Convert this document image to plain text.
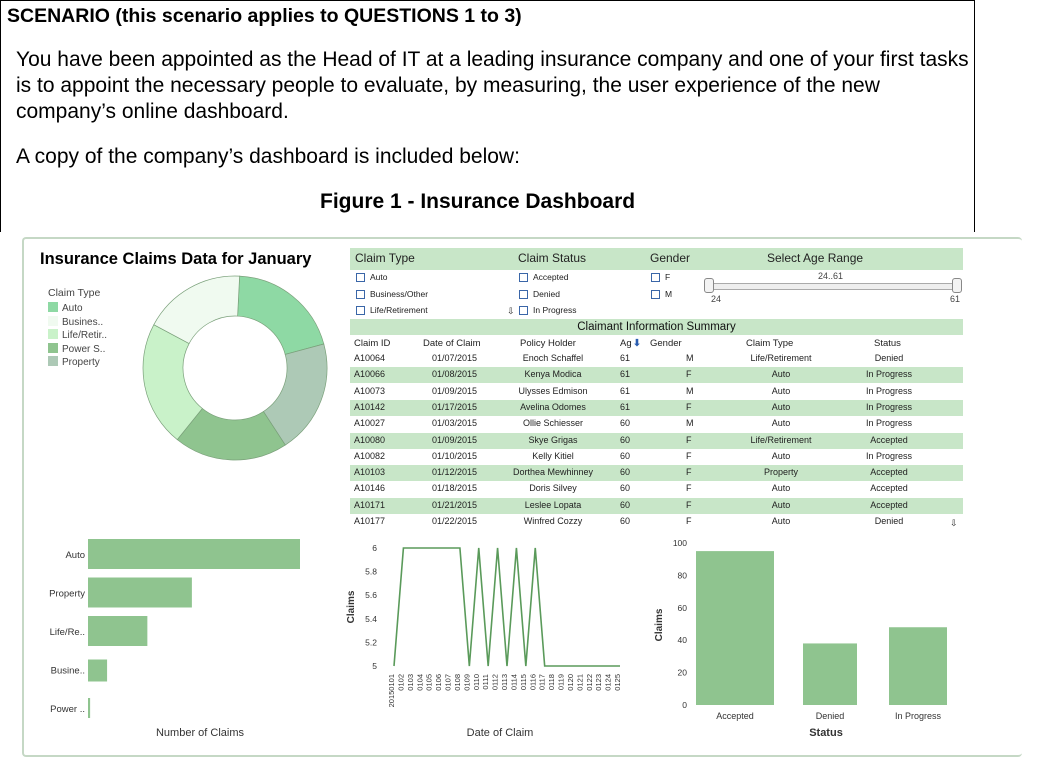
SCENARIO (this scenario applies to QUESTIONS 1 to 3)
You have been appointed as the Head of IT at a leading insurance company and one of your first tasks is to appoint the necessary people to evaluate, by measuring, the user experience of the new company’s online dashboard.
A copy of the company’s dashboard is included below:
Figure 1 - Insurance Dashboard
Insurance Claims Data for January
Claim Type
Auto
Busines..
Life/Retir..
Power S..
Property
Claim Type	Claim Status	Gender	Select Age Range
Auto
Business/Other
Life/Retirement	⇩
Accepted
Denied
In Progress
F
M
24..61
24	61
Claimant Information Summary
Claim ID	Date of Claim	Policy Holder	Ag ⬇ Gender	Claim Type	Status
A10064	01/07/2015	Enoch Schaffel	61	M	Life/Retirement	Denied
A10066	01/08/2015	Kenya Modica	61	F	Auto	In Progress
A10073	01/09/2015	Ulysses Edmison	61	M	Auto	In Progress
A10142	01/17/2015	Avelina Odomes	61	F	Auto	In Progress
A10027	01/03/2015	Ollie Schiesser	60	M	Auto	In Progress
A10080	01/09/2015	Skye Grigas	60	F	Life/Retirement	Accepted
A10082	01/10/2015	Kelly Kitiel	60	F	Auto	In Progress
A10103	01/12/2015	Dorthea Mewhinney	60	F	Property	Accepted
A10146	01/18/2015	Doris Silvey	60	F	Auto	Accepted
A10171	01/21/2015	Leslee Lopata	60	F	Auto	Accepted
A10177	01/22/2015	Winfred Cozzy	60	F	Auto	Denied	⇩
Auto
Property
Life/Re..
Busine..
Power ..
Number of Claims
5
5.2
5.4
5.6
5.8
6
20150101 0102 0103 0104 0105 0106 0107 0108 0109 0110 0111 0112 0113 0114 0115 0116 0117 0118 0119 0120 0121 0122 0123 0124 0125
Claims
Date of Claim
0
20
40
60
80
100
Accepted	Denied	In Progress
Claims
Status
